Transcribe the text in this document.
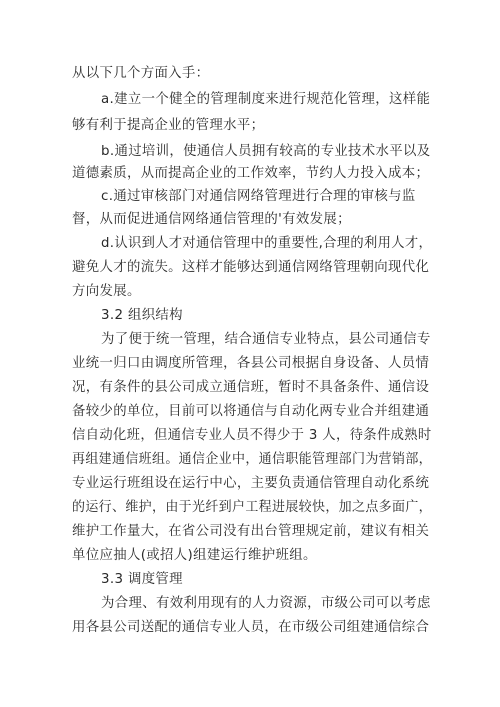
从以下几个方面入手：
a.建立一个健全的管理制度来进行规范化管理，这样能
够有利于提高企业的管理水平；
b.通过培训，使通信人员拥有较高的专业技术水平以及
道德素质，从而提高企业的工作效率，节约人力投入成本；
c.通过审核部门对通信网络管理进行合理的审核与监
督，从而促进通信网络通信管理的'有效发展；
d.认识到人才对通信管理中的重要性,合理的利用人才，
避免人才的流失。这样才能够达到通信网络管理朝向现代化
方向发展。
3.2 组织结构
为了便于统一管理，结合通信专业特点，县公司通信专
业统一归口由调度所管理，各县公司根据自身设备、人员情
况，有条件的县公司成立通信班，暂时不具备条件、通信设
备较少的单位，目前可以将通信与自动化两专业合并组建通
信自动化班，但通信专业人员不得少于 3 人，待条件成熟时
再组建通信班组。通信企业中，通信职能管理部门为营销部，
专业运行班组设在运行中心，主要负责通信管理自动化系统
的运行、维护，由于光纤到户工程进展较快，加之点多面广，
维护工作量大，在省公司没有出台管理规定前，建议有相关
单位应抽人(或招人)组建运行维护班组。
3.3 调度管理
为合理、有效利用现有的人力资源，市级公司可以考虑
用各县公司送配的通信专业人员，在市级公司组建通信综合
